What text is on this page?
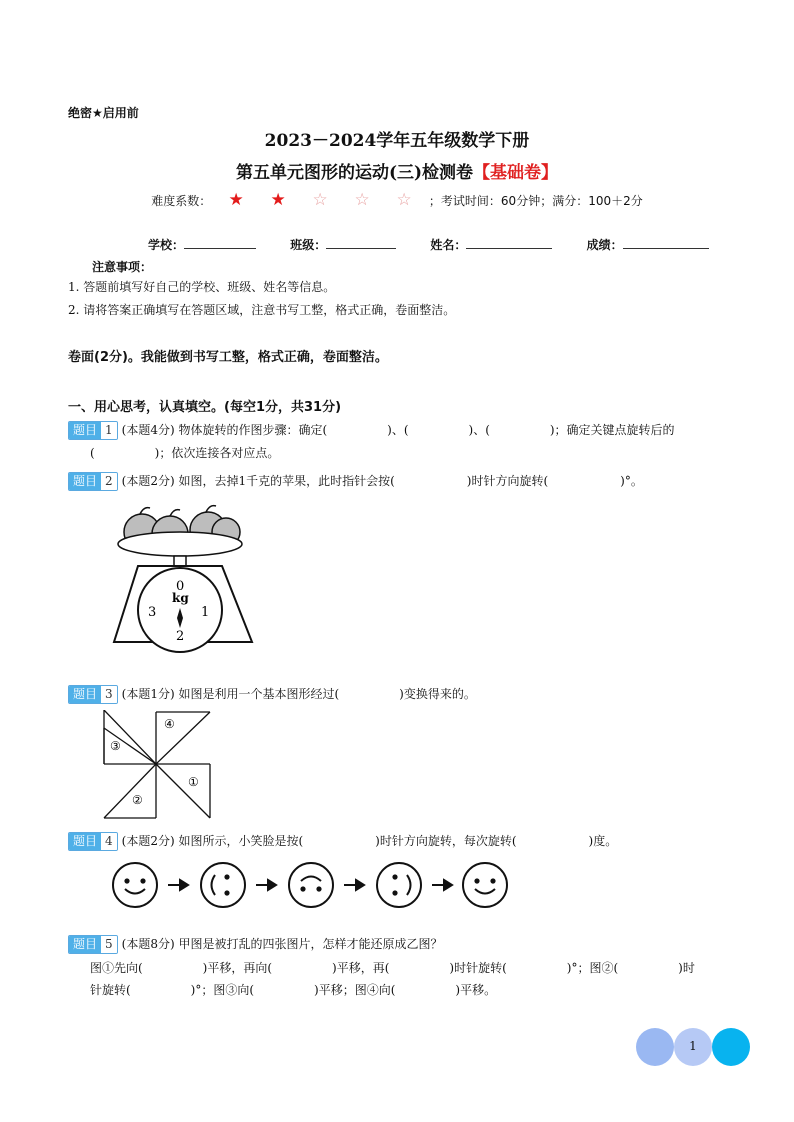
绝密★启用前
2023－2024学年五年级数学下册
第五单元图形的运动(三)检测卷【基础卷】
难度系数： ★ ★ ☆ ☆ ☆ ；考试时间：60分钟；满分：100＋2分
学校：	班级：	姓名：	成绩：
注意事项：
1. 答题前填写好自己的学校、班级、姓名等信息。
2. 请将答案正确填写在答题区域，注意书写工整，格式正确，卷面整洁。
卷面(2分)。我能做到书写工整，格式正确，卷面整洁。
一、用心思考，认真填空。(每空1分，共31分)
题目 1 (本题4分) 物体旋转的作图步骤：确定(　　　　　)、(　　　　　)、(　　　　　)；确定关键点旋转后的
(　　　　　)；依次连接各对应点。
题目 2 (本题2分) 如图，去掉1千克的苹果，此时指针会按(　　　　　　)时针方向旋转(　　　　　　)°。
0
1
2
3
kg
题目 3 (本题1分) 如图是利用一个基本图形经过(　　　　　)变换得来的。
④
③
①
②
题目 4 (本题2分) 如图所示，小笑脸是按(　　　　　　)时针方向旋转，每次旋转(　　　　　　)度。
题目 5 (本题8分) 甲图是被打乱的四张图片，怎样才能还原成乙图？
图①先向(　　　　　)平移，再向(　　　　　)平移，再(　　　　　)时针旋转(　　　　　)°；图②(　　　　　)时
针旋转(　　　　　)°；图③向(　　　　　)平移；图④向(　　　　　)平移。
1
